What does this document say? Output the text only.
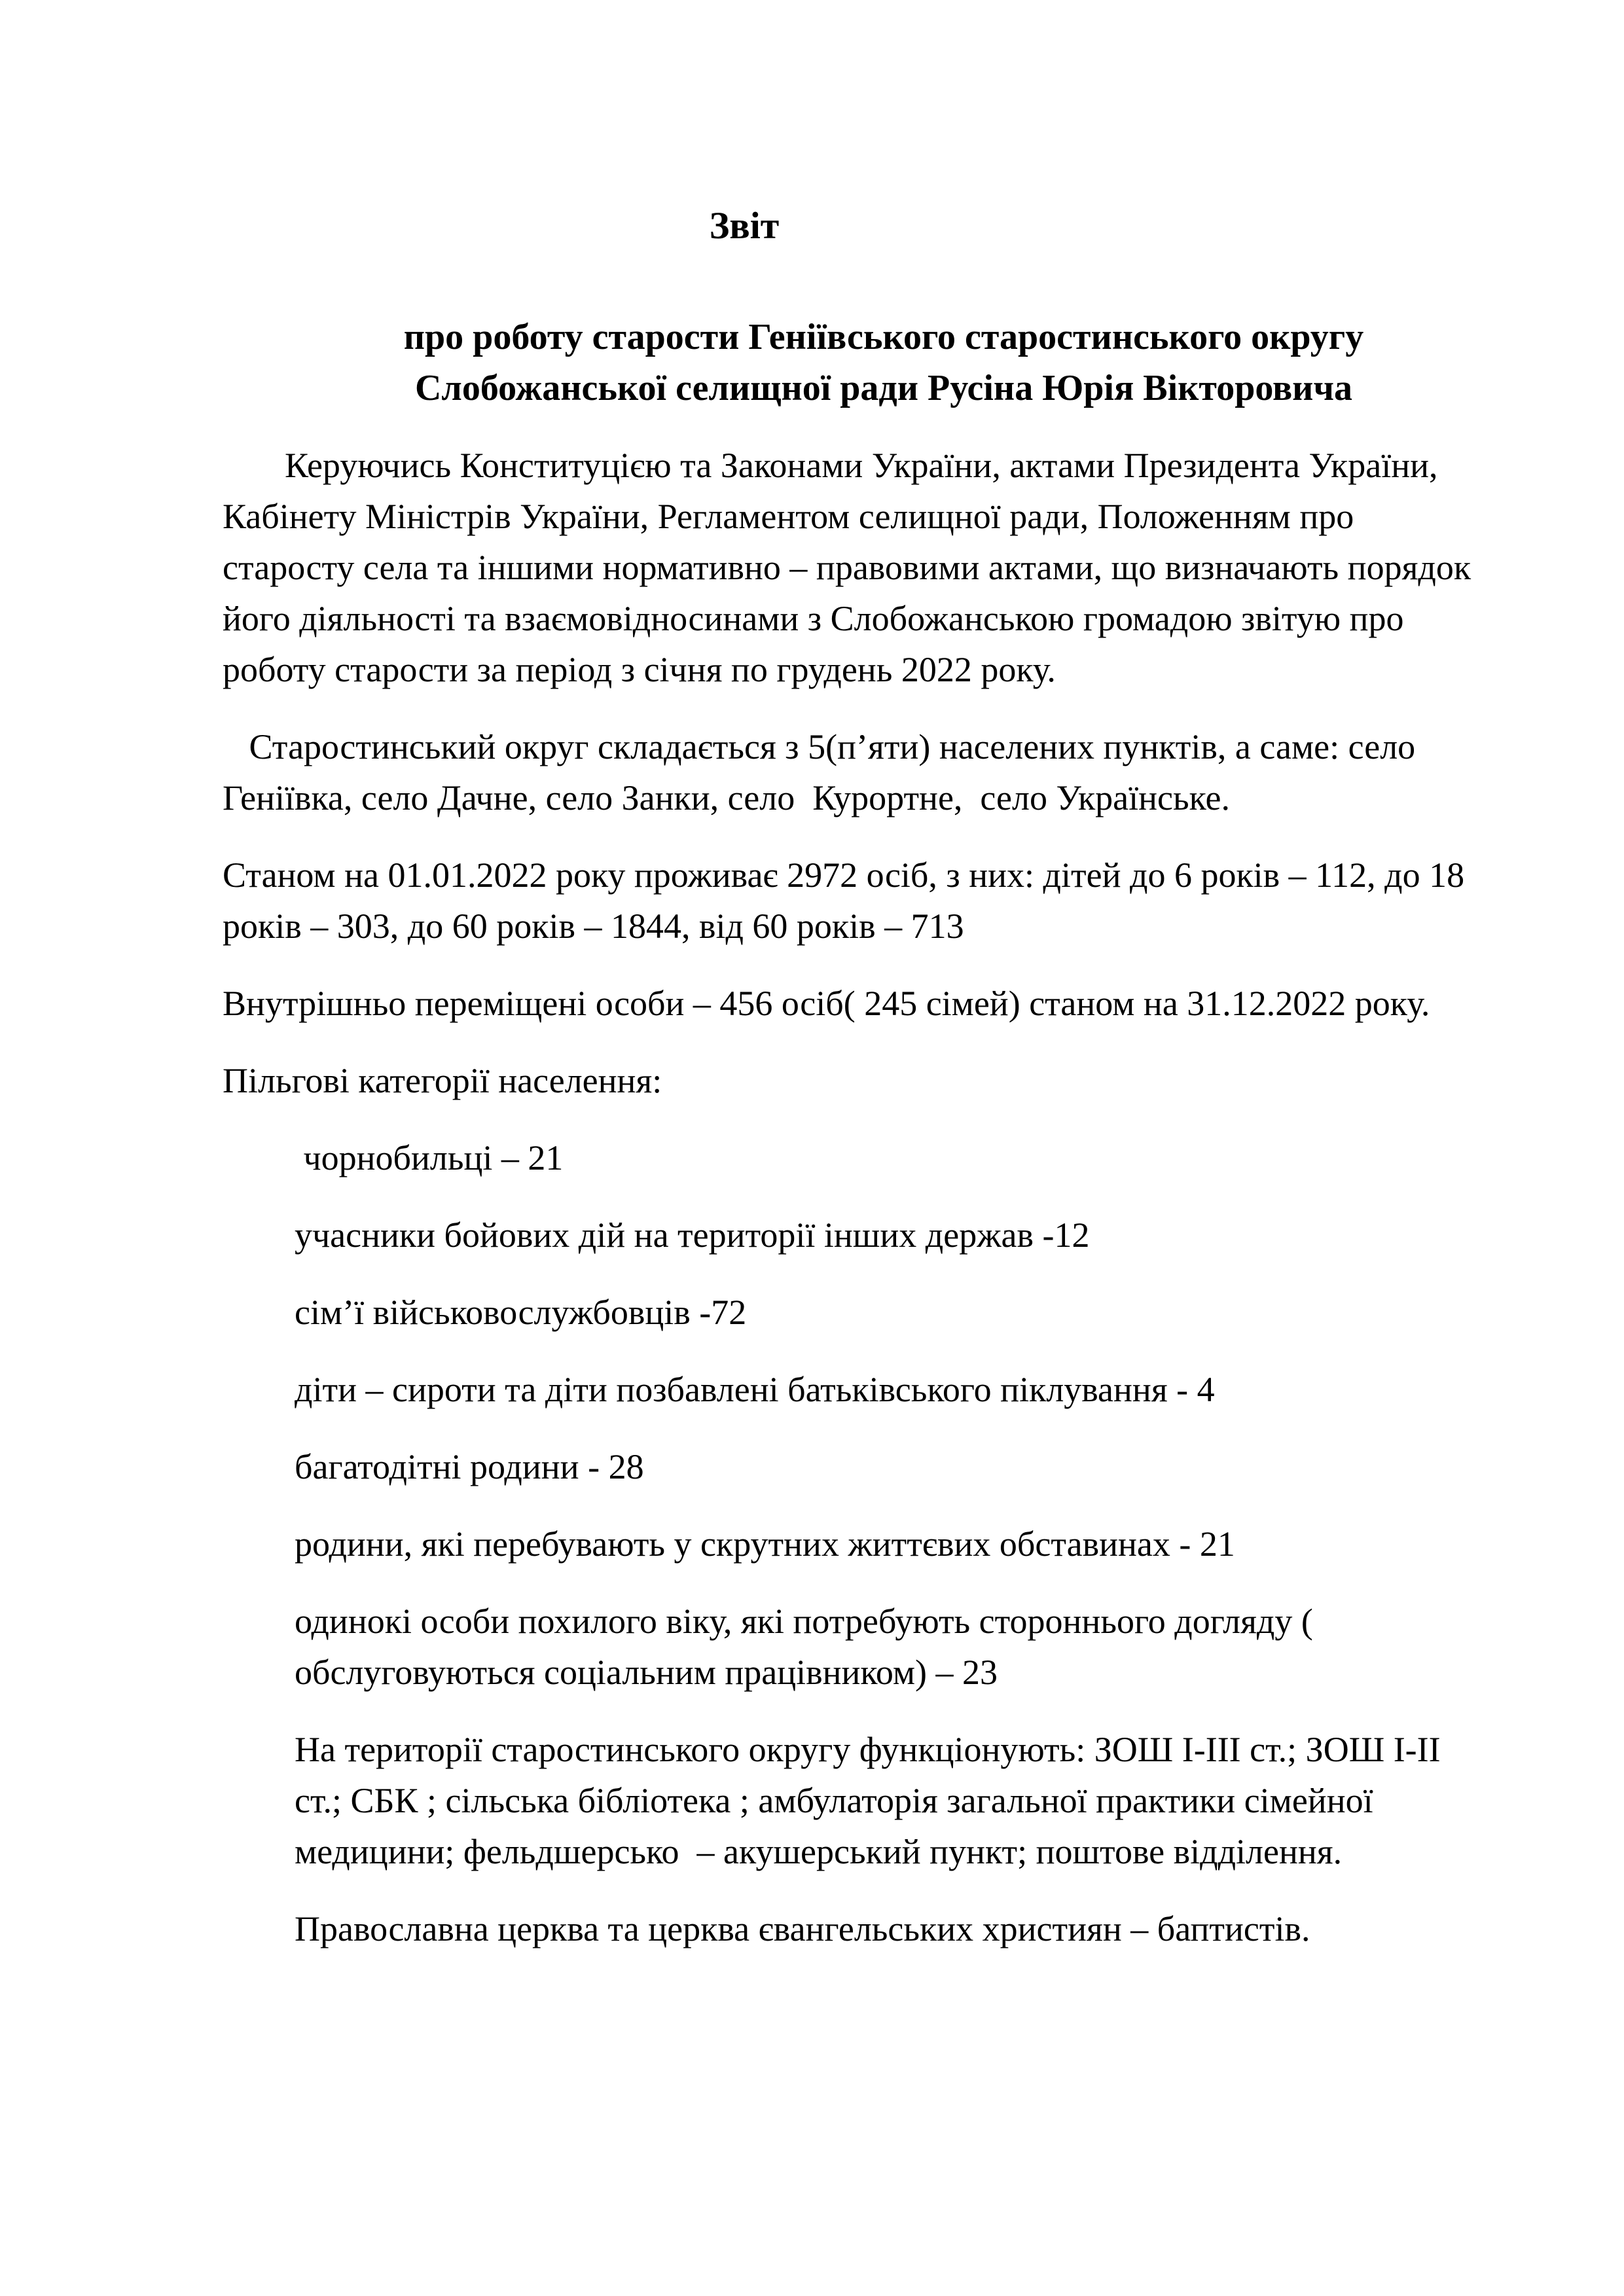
Звіт
про роботу старости Геніївського старостинського округу
Слобожанської селищної ради Русіна Юрія Вікторовича
Керуючись Конституцією та Законами України, актами Президента України, Кабінету Міністрів України, Регламентом селищної ради, Положенням про старосту села та іншими нормативно – правовими актами, що визначають порядок його діяльності та взаємовідносинами з Слобожанською громадою звітую про роботу старости за період з січня по грудень 2022 року.
Старостинський округ складається з 5(п’яти) населених пунктів, а саме: село Геніївка, село Дачне, село Занки, село  Курортне,  село Українське.
Станом на 01.01.2022 року проживає 2972 осіб, з них: дітей до 6 років – 112, до 18 років – 303, до 60 років – 1844, від 60 років – 713
Внутрішньо переміщені особи – 456 осіб( 245 сімей) станом на 31.12.2022 року.
Пільгові категорії населення:
чорнобильці – 21
учасники бойових дій на території інших держав -12
сім’ї військовослужбовців -72
діти – сироти та діти позбавлені батьківського піклування - 4
багатодітні родини - 28
родини, які перебувають у скрутних життєвих обставинах - 21
одинокі особи похилого віку, які потребують стороннього догляду ( обслуговуються соціальним працівником) – 23
На території старостинського округу функціонують: ЗОШ І-ІІІ ст.; ЗОШ І-ІІ ст.; СБК ; сільська бібліотека ; амбулаторія загальної практики сімейної медицини; фельдшерсько  – акушерський пункт; поштове відділення.
Православна церква та церква євангельських християн – баптистів.
